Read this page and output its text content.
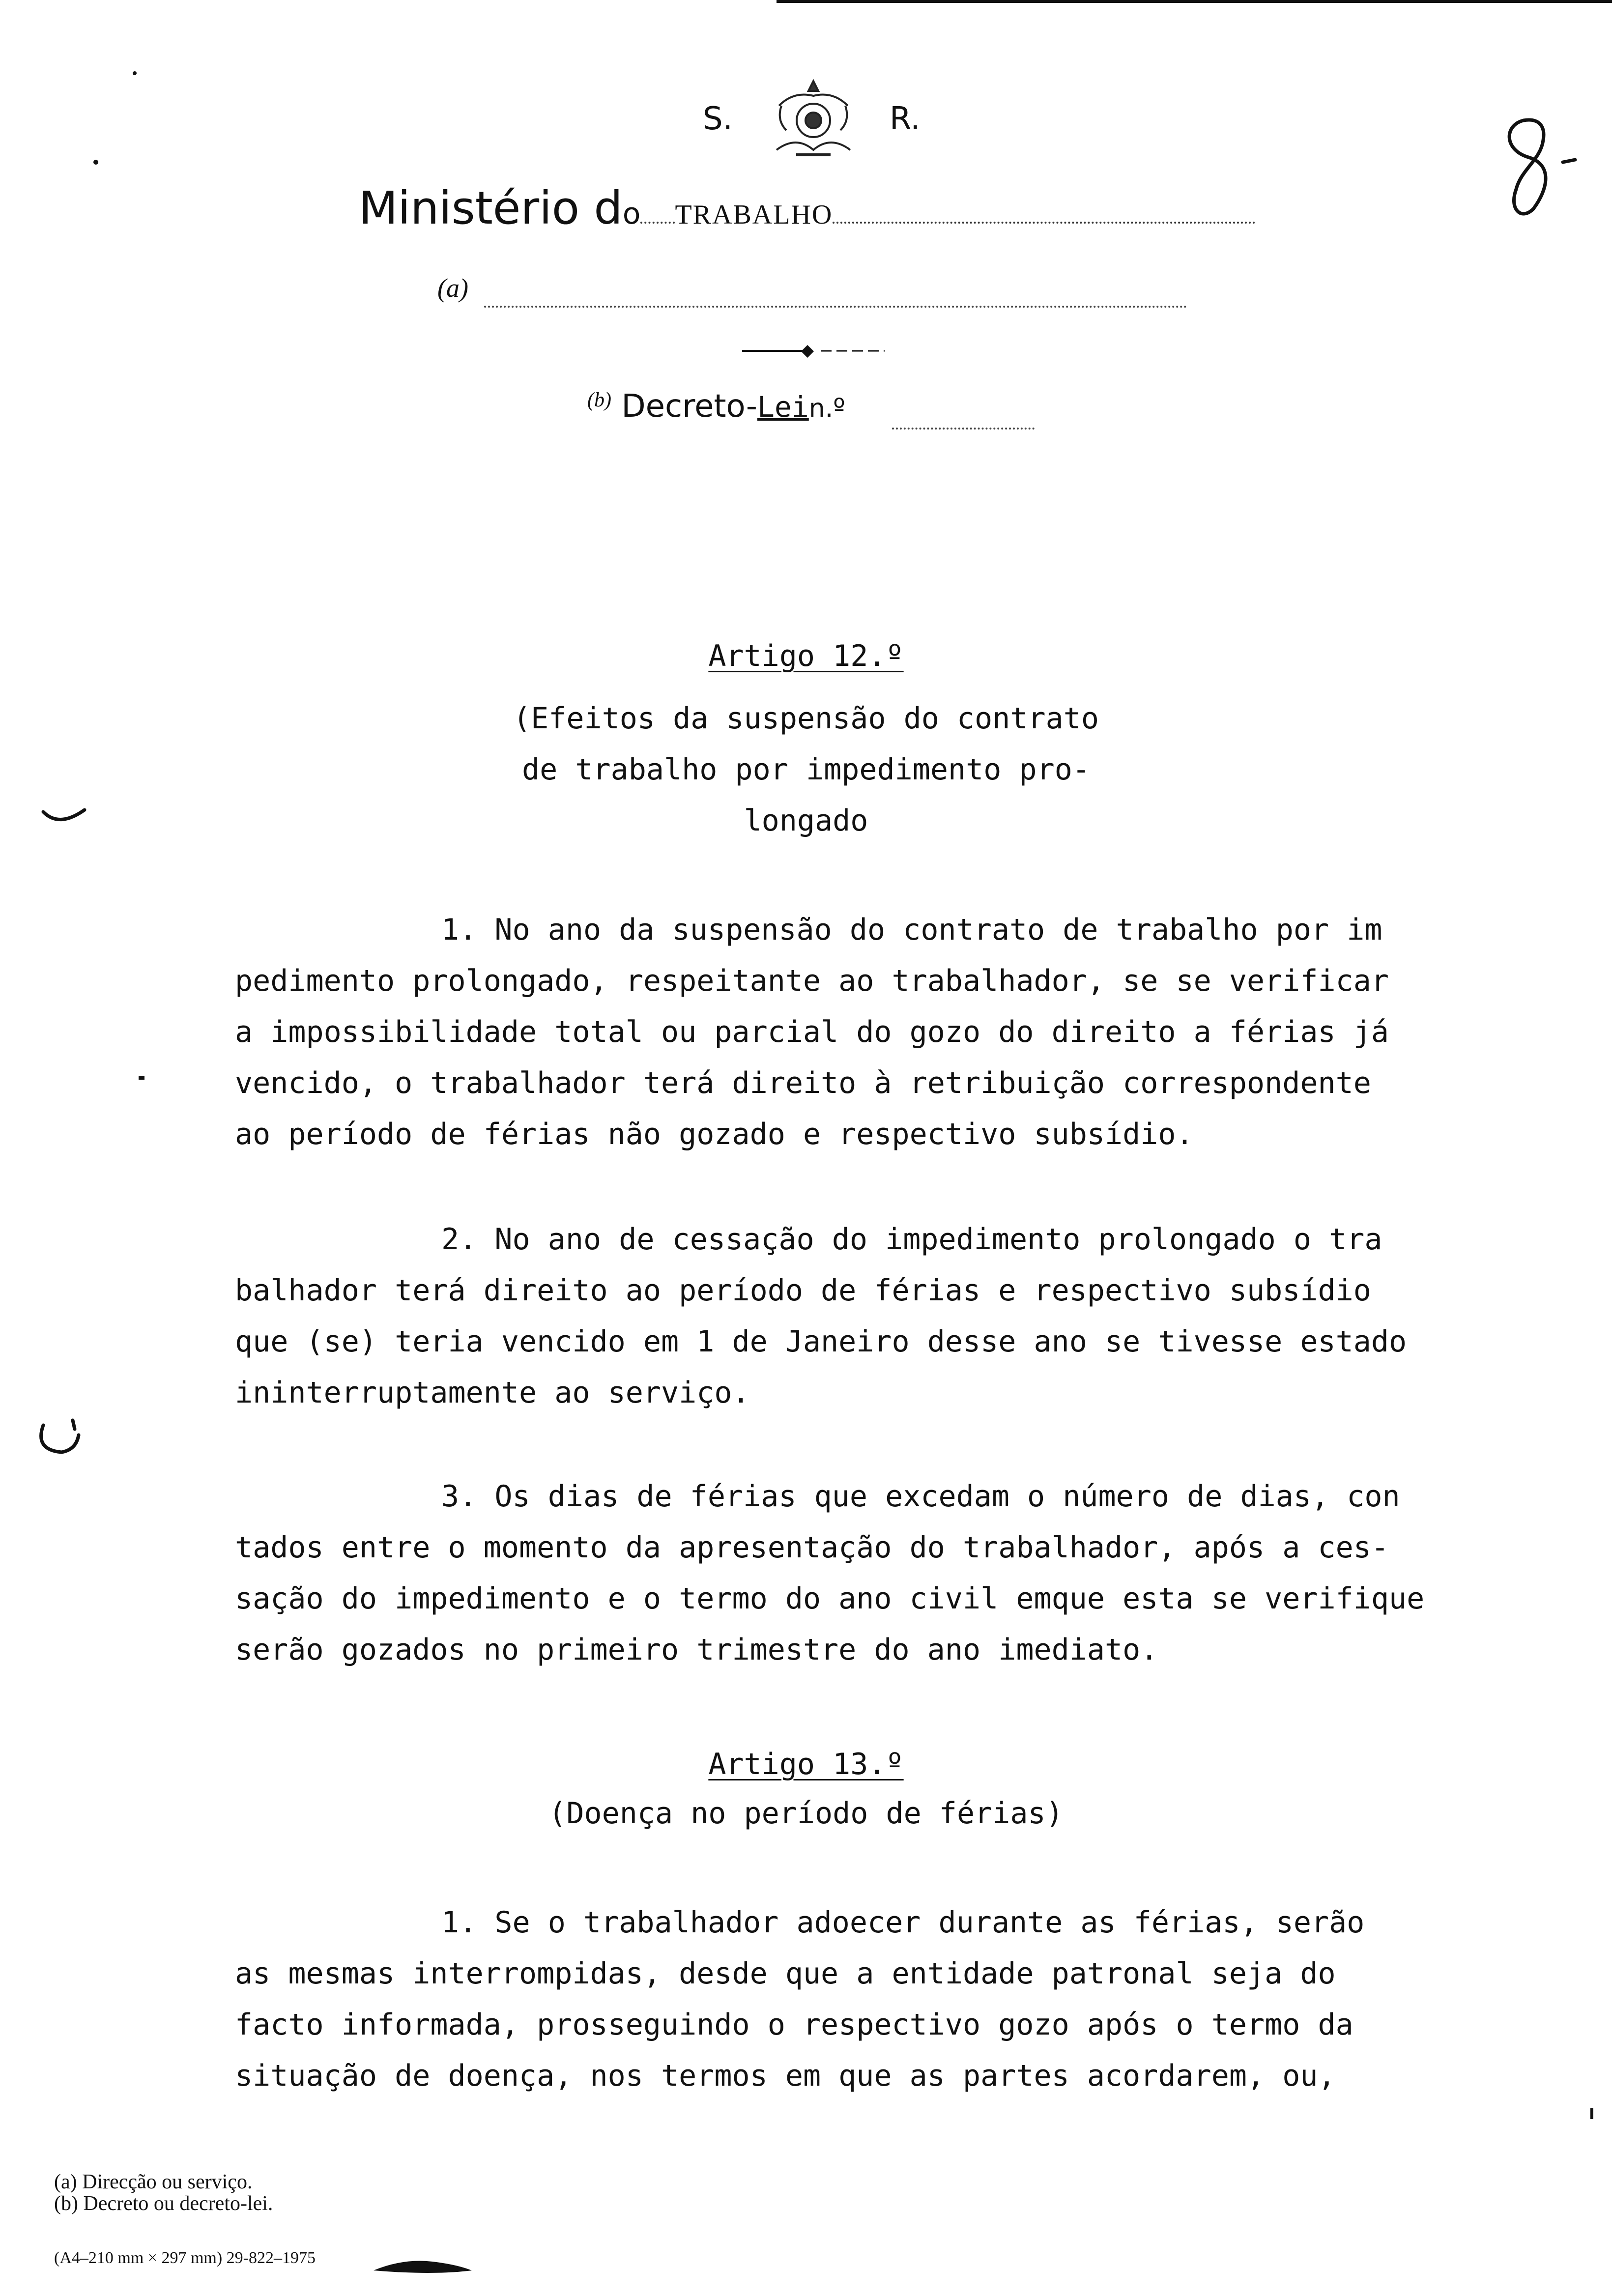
S.	R.
Ministério do TRABALHO
(a)
$^{(b)}$ Decreto-Lein.º
Artigo 12.º
(Efeitos da suspensão do contrato
de trabalho por impedimento pro-
longado

1. No ano da suspensão do contrato de trabalho por im

pedimento prolongado, respeitante ao trabalhador, se se verificar

a impossibilidade total ou parcial do gozo do direito a férias já

vencido, o trabalhador terá direito à retribuição correspondente

ao período de férias não gozado e respectivo subsídio.

2. No ano de cessação do impedimento prolongado o tra

balhador terá direito ao período de férias e respectivo subsídio

que (se) teria vencido em 1 de Janeiro desse ano se tivesse estado

ininterruptamente ao serviço.

3. Os dias de férias que excedam o número de dias, con

tados entre o momento da apresentação do trabalhador, após a ces-

sação do impedimento e o termo do ano civil emque esta se verifique

serão gozados no primeiro trimestre do ano imediato.

Artigo 13.º
(Doença no período de férias)

1. Se o trabalhador adoecer durante as férias, serão

as mesmas interrompidas, desde que a entidade patronal seja do

facto informada, prosseguindo o respectivo gozo após o termo da

situação de doença, nos termos em que as partes acordarem, ou,

(a) Direcção ou serviço.
(b) Decreto ou decreto-lei.
(A4–210 mm × 297 mm) 29-822–1975
